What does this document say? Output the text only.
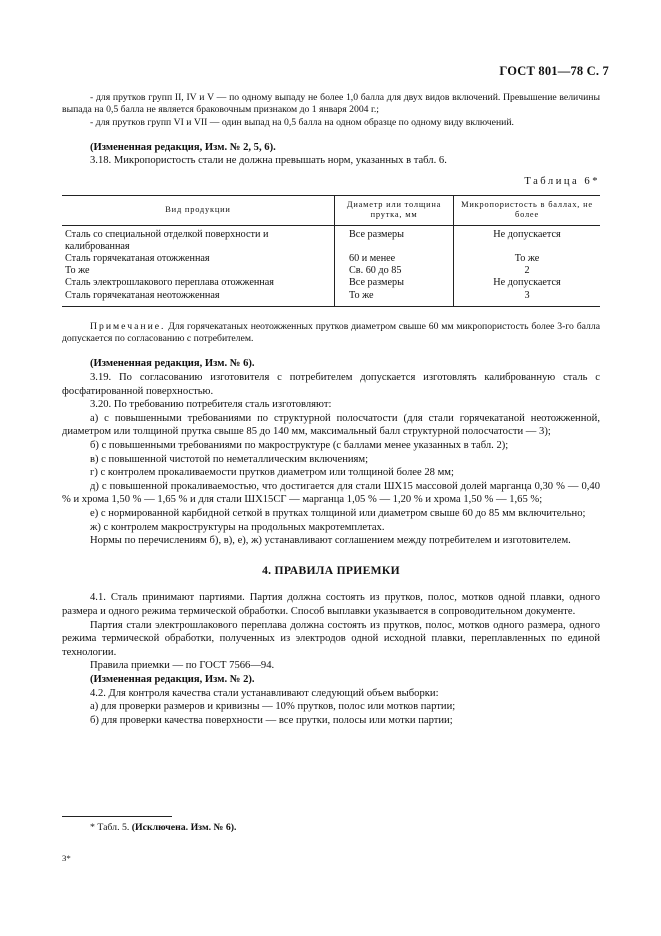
ГОСТ 801—78 С. 7

- для прутков групп II, IV и V — по одному выпаду не более 1,0 балла для двух видов включений. Превышение величины выпада на 0,5 балла не является браковочным признаком до 1 января 2004 г.;

- для прутков групп VI и VII — один выпад на 0,5 балла на одном образце по одному виду включений.

(Измененная редакция, Изм. № 2, 5, 6).

3.18. Микропористость стали не должна превышать норм, указанных в табл. 6.

Таблица 6*
Вид продукции	Диаметр или толщина прутка, мм	Микропористость в баллах, не более
Сталь со специальной отделкой поверхности и калиброванная	Все размеры	Не допускается
Сталь горячекатаная отожженная	60 и менее	То же
То же	Св. 60 до 85	2
Сталь электрошлакового переплава отожженная	Все размеры	Не допускается
Сталь горячекатаная неотожженная	То же	3

Примечание. Для горячекатаных неотожженных прутков диаметром свыше 60 мм микропористость более 3-го балла допускается по согласованию с потребителем.

(Измененная редакция, Изм. № 6).

3.19. По согласованию изготовителя с потребителем допускается изготовлять калиброванную сталь с фосфатированной поверхностью.

3.20. По требованию потребителя сталь изготовляют:

а) с повышенными требованиями по структурной полосчатости (для стали горячекатаной неотожженной, диаметром или толщиной прутка свыше 85 до 140 мм, максимальный балл структурной полосчатости — 3);

б) с повышенными требованиями по макроструктуре (с баллами менее указанных в табл. 2);

в) с повышенной чистотой по неметаллическим включениям;

г) с контролем прокаливаемости прутков диаметром или толщиной более 28 мм;

д) с повышенной прокаливаемостью, что достигается для стали ШХ15 массовой долей марганца 0,30 % — 0,40 % и хрома 1,50 % — 1,65 % и для стали ШХ15СГ — марганца 1,05 % — 1,20 % и хрома 1,50 % — 1,65 %;

е) с нормированной карбидной сеткой в прутках толщиной или диаметром свыше 60 до 85 мм включительно;

ж) с контролем макроструктуры на продольных макротемплетах.

Нормы по перечислениям б), в), е), ж) устанавливают соглашением между потребителем и изготовителем.

4. ПРАВИЛА ПРИЕМКИ

4.1. Сталь принимают партиями. Партия должна состоять из прутков, полос, мотков одной плавки, одного размера и одного режима термической обработки. Способ выплавки указывается в сопроводительном документе.

Партия стали электрошлакового переплава должна состоять из прутков, полос, мотков одного размера, одного режима термической обработки, полученных из электродов одной исходной плавки, переплавленных по единой технологии.

Правила приемки — по ГОСТ 7566—94.

(Измененная редакция, Изм. № 2).

4.2. Для контроля качества стали устанавливают следующий объем выборки:

а) для проверки размеров и кривизны — 10% прутков, полос или мотков партии;

б) для проверки качества поверхности — все прутки, полосы или мотки партии;

* Табл. 5. (Исключена. Изм. № 6).
3*
